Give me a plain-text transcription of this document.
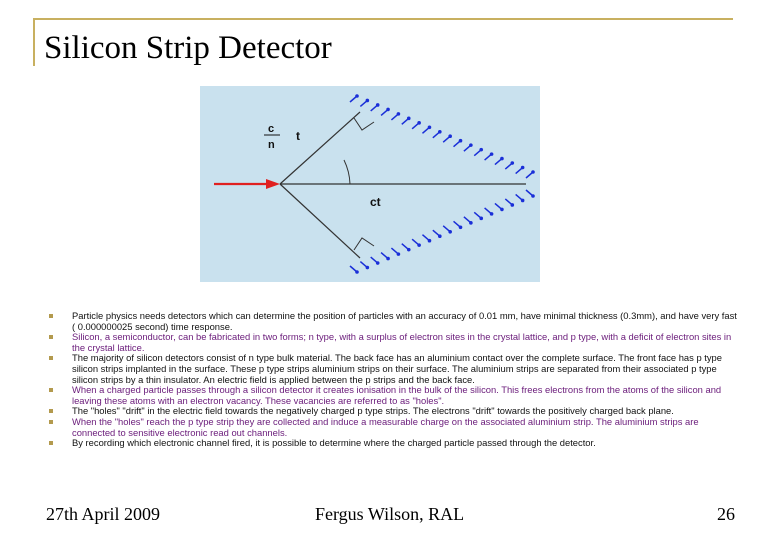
Silicon Strip Detector
c
n
t
ct
Particle physics needs detectors which can determine the position of particles with an accuracy of 0.01 mm, have minimal thickness (0.3mm), and have very fast ( 0.000000025 second) time response.
Silicon, a semiconductor, can be fabricated in two forms; n type, with a surplus of electron sites in the crystal lattice, and p type, with a deficit of electron sites in the crystal lattice.
The majority of silicon detectors consist of n type bulk material. The back face has an aluminium contact over the complete surface. The front face has p type silicon strips implanted in the surface. These p type strips aluminium strips on their surface. The aluminium strips are separated from their associated p type silicon strips by a thin insulator. An electric field is applied between the p strips and the back face.
When a charged particle passes through a silicon detector it creates ionisation in the bulk of the silicon. This frees electrons from the atoms of the silicon and leaving these atoms with an electron vacancy. These vacancies are referred to as "holes".
The "holes" "drift" in the electric field towards the negatively charged p type strips. The electrons "drift" towards the positively charged back plane.
When the "holes" reach the p type strip they are collected and induce a measurable charge on the associated aluminium strip. The aluminium strips are connected to sensitive electronic read out channels.
By recording which electronic channel fired, it is possible to determine where the charged particle passed through the detector.
27th April 2009	Fergus Wilson, RAL	26
